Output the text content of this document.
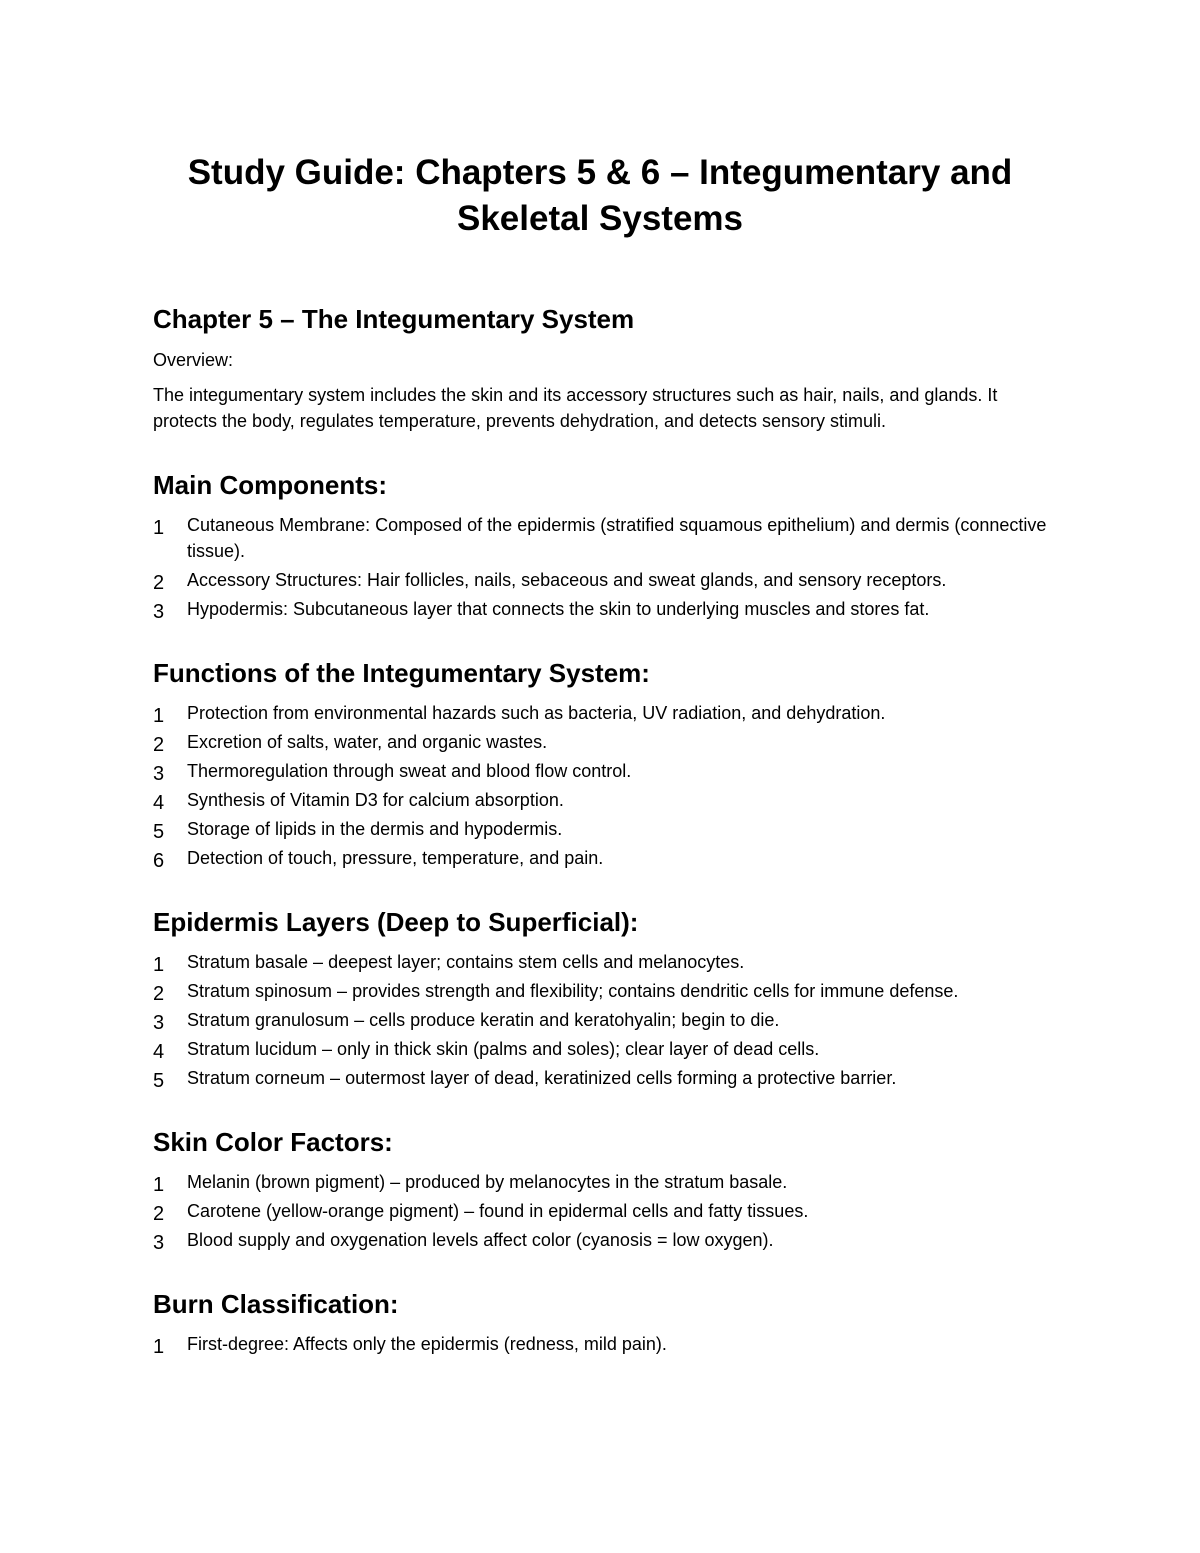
Study Guide: Chapters 5 & 6 – Integumentary and Skeletal Systems
Chapter 5 – The Integumentary System

Overview:

The integumentary system includes the skin and its accessory structures such as hair, nails, and glands. It protects the body, regulates temperature, prevents dehydration, and detects sensory stimuli.

Main Components:
1 Cutaneous Membrane: Composed of the epidermis (stratified squamous epithelium) and dermis (connective tissue).
2 Accessory Structures: Hair follicles, nails, sebaceous and sweat glands, and sensory receptors.
3 Hypodermis: Subcutaneous layer that connects the skin to underlying muscles and stores fat.
Functions of the Integumentary System:
1 Protection from environmental hazards such as bacteria, UV radiation, and dehydration.
2 Excretion of salts, water, and organic wastes.
3 Thermoregulation through sweat and blood flow control.
4 Synthesis of Vitamin D3 for calcium absorption.
5 Storage of lipids in the dermis and hypodermis.
6 Detection of touch, pressure, temperature, and pain.
Epidermis Layers (Deep to Superficial):
1 Stratum basale – deepest layer; contains stem cells and melanocytes.
2 Stratum spinosum – provides strength and flexibility; contains dendritic cells for immune defense.
3 Stratum granulosum – cells produce keratin and keratohyalin; begin to die.
4 Stratum lucidum – only in thick skin (palms and soles); clear layer of dead cells.
5 Stratum corneum – outermost layer of dead, keratinized cells forming a protective barrier.
Skin Color Factors:
1 Melanin (brown pigment) – produced by melanocytes in the stratum basale.
2 Carotene (yellow-orange pigment) – found in epidermal cells and fatty tissues.
3 Blood supply and oxygenation levels affect color (cyanosis = low oxygen).
Burn Classification:
1 First-degree: Affects only the epidermis (redness, mild pain).
